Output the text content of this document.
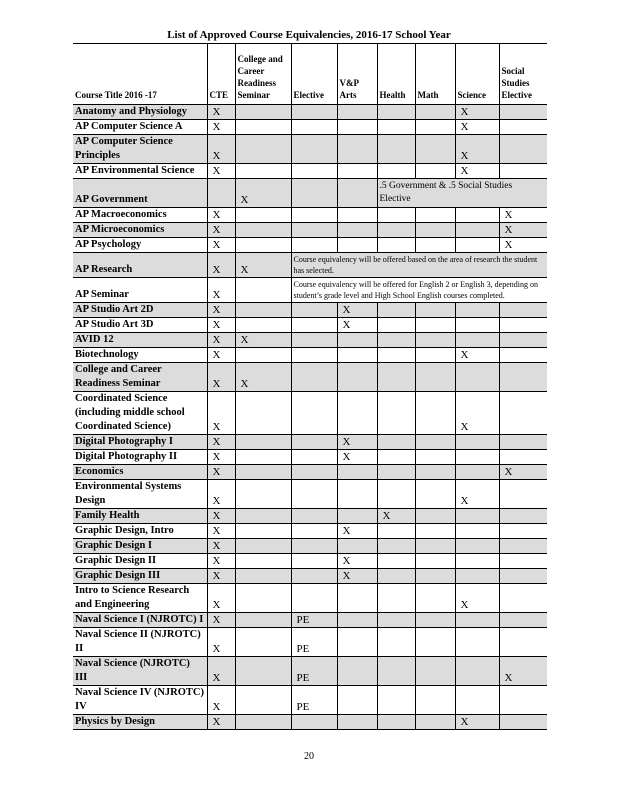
List of Approved Course Equivalencies, 2016-17 School Year
Course Title 2016 -17	CTE	College and Career Readiness Seminar	Elective	V&P Arts	Health	Math	Science	Social Studies Elective
Anatomy and Physiology	X						X	
AP Computer Science A	X						X	
AP Computer Science Principles	X						X	
AP Environmental Science	X						X	
AP Government		X			.5 Government & .5 Social Studies Elective			
AP Macroeconomics	X							X
AP Microeconomics	X							X
AP Psychology	X							X
AP Research	X	X	Course equivalency will be offered based on the area of research the student has selected.					
AP Seminar	X		Course equivalency will be offered for English 2 or English 3, depending on student’s grade level and High School English courses completed.					
AP Studio Art 2D	X			X				
AP Studio Art 3D	X			X				
AVID 12	X	X						
Biotechnology	X						X	
College and Career Readiness Seminar	X	X						
Coordinated Science (including middle school Coordinated Science)	X						X	
Digital Photography I	X			X				
Digital Photography II	X			X				
Economics	X							X
Environmental Systems Design	X						X	
Family Health	X				X			
Graphic Design, Intro	X			X				
Graphic Design I	X							
Graphic Design II	X			X				
Graphic Design III	X			X				
Intro to Science Research and Engineering	X						X	
Naval Science I (NJROTC) I	X		PE					
Naval Science II (NJROTC) II	X		PE					
Naval Science (NJROTC) III	X		PE					X
Naval Science IV (NJROTC) IV	X		PE					
Physics by Design	X						X	
20
